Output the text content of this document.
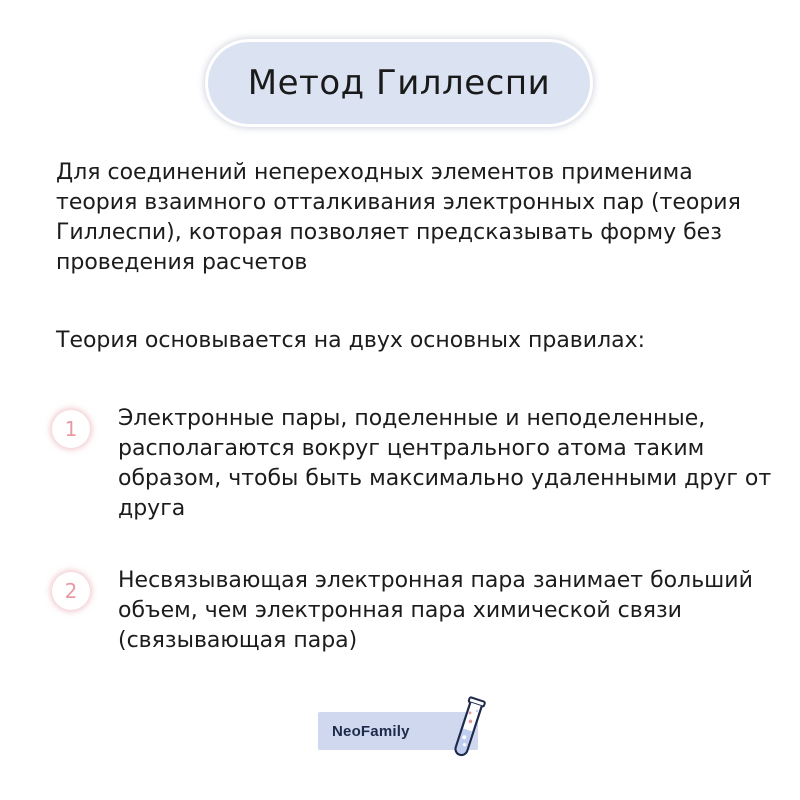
Метод Гиллеспи

Для соединений непереходных элементов применима теория взаимного отталкивания электронных пар (теория Гиллеспи), которая позволяет предсказывать форму без проведения расчетов

Теория основывается на двух основных правилах:

1	Электронные пары, поделенные и неподеленные, располагаются вокруг центрального атома таким образом, чтобы быть максимально удаленными друг от друга

2	Несвязывающая электронная пара занимает больший объем, чем электронная пара химической связи (связывающая пара)

NeoFamily
